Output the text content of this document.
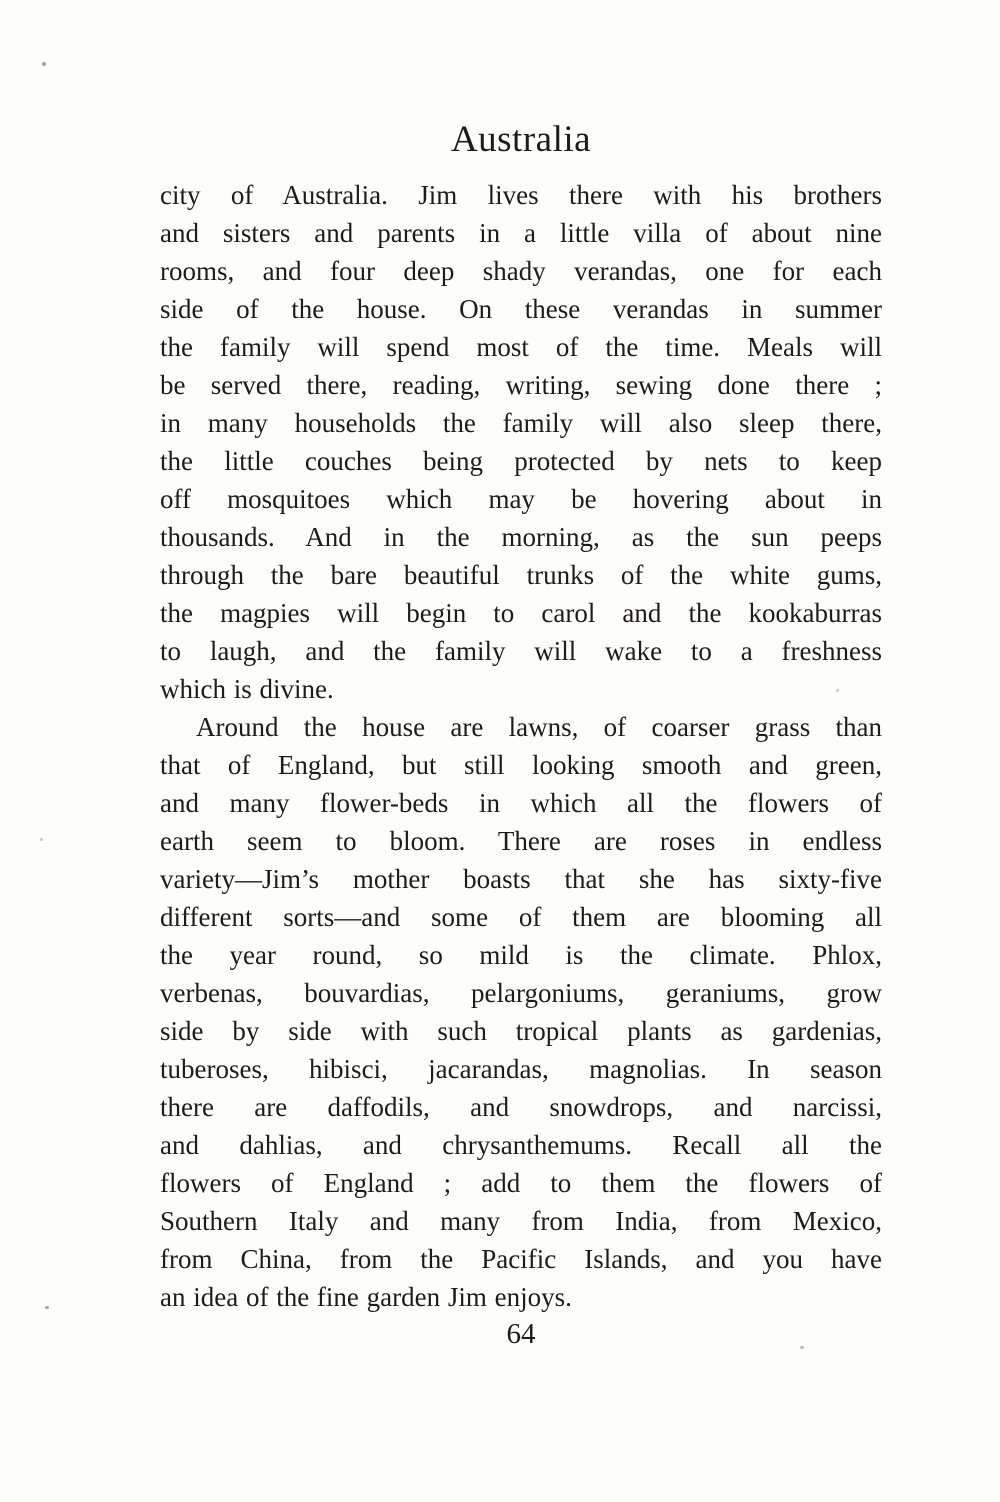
Australia
city of Australia. Jim lives there with his brothers
and sisters and parents in a little villa of about nine
rooms, and four deep shady verandas, one for each
side of the house. On these verandas in summer
the family will spend most of the time. Meals will
be served there, reading, writing, sewing done there ;
in many households the family will also sleep there,
the little couches being protected by nets to keep
off mosquitoes which may be hovering about in
thousands. And in the morning, as the sun peeps
through the bare beautiful trunks of the white gums,
the magpies will begin to carol and the kookaburras
to laugh, and the family will wake to a freshness
which is divine.
Around the house are lawns, of coarser grass than
that of England, but still looking smooth and green,
and many flower-beds in which all the flowers of
earth seem to bloom. There are roses in endless
variety—Jim’s mother boasts that she has sixty-five
different sorts—and some of them are blooming all
the year round, so mild is the climate. Phlox,
verbenas, bouvardias, pelargoniums, geraniums, grow
side by side with such tropical plants as gardenias,
tuberoses, hibisci, jacarandas, magnolias. In season
there are daffodils, and snowdrops, and narcissi,
and dahlias, and chrysanthemums. Recall all the
flowers of England ; add to them the flowers of
Southern Italy and many from India, from Mexico,
from China, from the Pacific Islands, and you have
an idea of the fine garden Jim enjoys.
64
